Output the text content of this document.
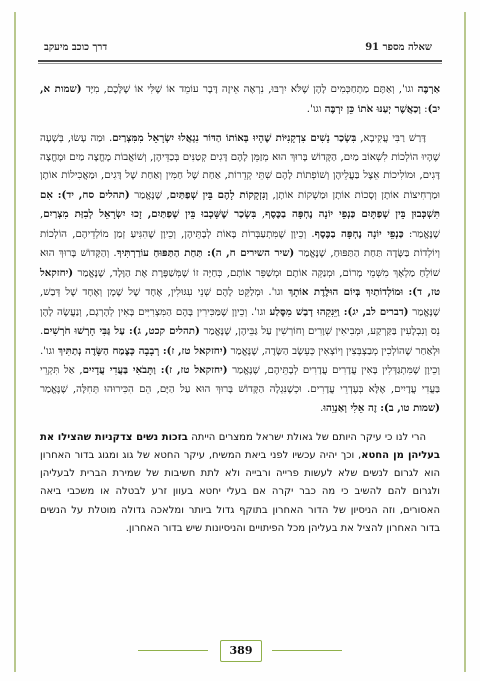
שאלה מספר 91
דרך כוכב מיעקב

אַרְבֶּה וגו', וְאַתֶּם מַתְחַכְּמִים לָהֶן שֶׁלֹּא יִרְבּוּ, נִרְאֶה אֵיזֶה דָּבָר עוֹמֵד אוֹ שֶׁלִּי אוֹ שֶׁלָּכֶם, מִיָּד (שמות א, יב): וְכַאֲשֶׁר יְעַנּוּ אֹתוֹ כֵּן יִרְבֶּה וגו'.

דָּרַשׁ רַבִּי עֲקִיבָא, בִּשְׂכַר נָשִׁים צִדְקָנִיּוֹת שֶׁהָיוּ בְּאוֹתוֹ הַדּוֹר נִגְאֲלוּ יִשְׂרָאֵל מִמִּצְרַיִם. וּמַה עָשׂוּ, בְּשָׁעָה שֶׁהָיוּ הוֹלְכוֹת לִשְׁאוֹב מַיִם, הַקָּדוֹשׁ בָּרוּךְ הוּא מְזַמֵּן לָהֶם דָּגִים קְטַנִּים בְּכַדֵּיהֶן, וְשׁוֹאֲבוֹת מֶחֱצָה מַיִם וּמֶחֱצָה דָּגִים, וּמוֹלִיכוֹת אֵצֶל בַּעֲלֵיהֶן וְשׁוֹפְתוֹת לָהֶם שְׁתֵּי קְדֵרוֹת, אַחַת שֶׁל חַמִּין וְאַחַת שֶׁל דָּגִים, וּמַאֲכִילוֹת אוֹתָן וּמַרְחִיצוֹת אוֹתָן וְסָכוֹת אוֹתָן וּמַשְׁקוֹת אוֹתָן, וְנִזְקָקוֹת לָהֶם בֵּין שְׁפַתַּיִם, שֶׁנֶּאֱמַר (תהלים סח, יד): אִם תִּשְׁכְּבוּן בֵּין שְׁפַתָּיִם כַּנְפֵי יוֹנָה נֶחְפָּה בַכֶּסֶף, בִּשְׂכַר שֶׁשָּׁכְבוּ בֵּין שְׁפַתַּיִם, זָכוּ יִשְׂרָאֵל לְבִזַּת מִצְרַיִם, שֶׁנֶּאֱמַר: כַּנְפֵי יוֹנָה נֶחְפָּה בַכֶּסֶף. וְכֵיוָן שֶׁמִּתְעַבְּרוֹת בָּאוֹת לְבָתֵּיהֶן, וְכֵיוָן שֶׁהִגִּיעַ זְמַן מוֹלְדֵיהֶם, הוֹלְכוֹת וְיוֹלְדוֹת בַּשָּׂדֶה תַּחַת הַתַּפּוּחַ, שֶׁנֶּאֱמַר (שיר השירים ח, ה): תַּחַת הַתַּפּוּחַ עוֹרַרְתִּיךָ. וְהַקָּדוֹשׁ בָּרוּךְ הוּא שׁוֹלֵחַ מַלְאָךְ מִשְּׁמֵי מָרוֹם, וּמְנַקֵּה אוֹתָם וּמְשַׁפֵּר אוֹתָם, כְּחַיָּה זוֹ שֶׁמְּשַׁפֶּרֶת אֶת הַוָּלָד, שֶׁנֶּאֱמַר (יחזקאל טז, ד): וּמוֹלְדוֹתַיִךְ בְּיוֹם הוּלֶּדֶת אוֹתָךְ וגו'. וּמְלַקֵּט לָהֶם שְׁנֵי עִגּוּלִין, אֶחָד שֶׁל שֶׁמֶן וְאֶחָד שֶׁל דְּבַשׁ, שֶׁנֶּאֱמַר (דברים לב, יג): וַיֵּנִקֵהוּ דְבַשׁ מִסֶּלַע וגו'. וְכֵיוָן שֶׁמַּכִּירִין בָּהֶם הַמִּצְרִיִּים בָּאִין לְהָרְגָם, וְנַעֲשֶׂה לָהֶן נֵס וְנִבְלָעִין בַּקַּרְקַע, וּמְבִיאִין שְׁוָרִים וְחוֹרְשִׁין עַל גַּבֵּיהֶן, שֶׁנֶּאֱמַר (תהלים קכט, ג): עַל גַּבִּי חָרְשׁוּ חֹרְשִׁים. וּלְאַחַר שֶׁהוֹלְכִין מְבַצְבְּצִין וְיוֹצְאִין כְּעֵשֶׂב הַשָּׂדֶה, שֶׁנֶּאֱמַר (יחזקאל טז, ז): רְבָבָה כְּצֶמַח הַשָּׂדֶה נְתַתִּיךְ וגו'. וְכֵיוָן שֶׁמִּתְגַּדְּלִין בָּאִין עֲדָרִים עֲדָרִים לְבָתֵּיהֶם, שֶׁנֶּאֱמַר (יחזקאל טז, ז): וַתָּבֹאִי בַּעֲדִי עֲדָיִים, אַל תִּקְרֵי בַּעֲדִי עֲדָיִים, אֶלָּא בְּעֶדְרֵי עֲדָרִים. וּכְשֶׁנִּגְלָה הַקָּדוֹשׁ בָּרוּךְ הוּא עַל הַיָּם, הֵם הִכִּירוּהוּ תְּחִלָּה, שֶׁנֶּאֱמַר (שמות טו, ב): זֶה אֵלִי וְאַנְוֵהוּ.

הרי לנו כי עיקר היותם של גאולת ישראל ממצרים הייתה בזכות נשים צדקניות שהצילו את בעליהן מן החטא, וכך יהיה עכשיו לפני ביאת המשיח, עיקר החטא של גוג ומגוג בדור האחרון הוא לגרום לנשים שלא לעשות פרייה ורבייה ולא לתת חשיבות של שמירת הברית לבעליהן ולגרום להם להשיב כי מה כבר יקרה אם בעלי יחטא בעוון זרע לבטלה או משכבי ביאה האסורים, וזה הניסיון של הדור האחרון בתוקף גדול ביותר ומלאכה גדולה מוטלת על הנשים בדור האחרון להציל את בעליהן מכל הפיתויים והניסיונות שיש בדור האחרון.

389
